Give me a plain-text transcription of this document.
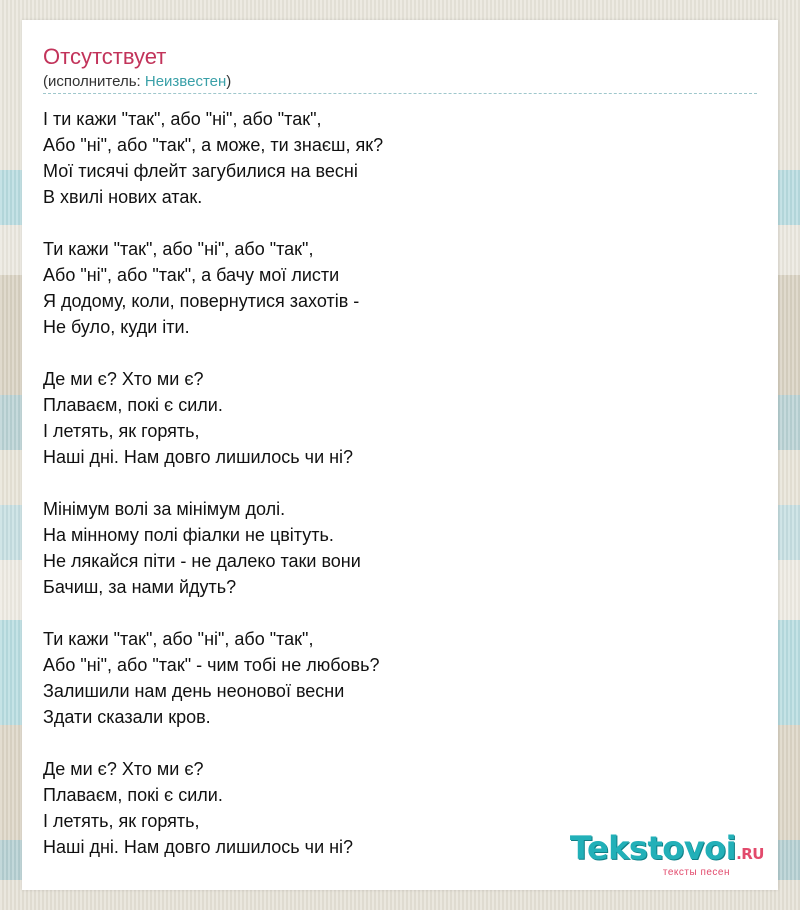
Отсутствует
(исполнитель: Неизвестен)
І ти кажи "так", або "ні", або "так",
Або "ні", або "так", а може, ти знаєш, як?
Мої тисячі флейт загубилися на весні
В хвилі нових атак.
Ти кажи "так", або "ні", або "так",
Або "ні", або "так", а бачу мої листи
Я додому, коли, повернутися захотів -
Не було, куди іти.
Де ми є? Хто ми є?
Плаваєм, покі є сили.
І летять, як горять,
Наші дні. Нам довго лишилось чи ні?
Мінімум волі за мінімум долі.
На мінному полі фіалки не цвітуть.
Не лякайся піти - не далеко таки вони
Бачиш, за нами йдуть?
Ти кажи "так", або "ні", або "так",
Або "ні", або "так" - чим тобі не любовь?
Залишили нам день неонової весни
Здати сказали кров.
Де ми є? Хто ми є?
Плаваєм, покі є сили.
І летять, як горять,
Наші дні. Нам довго лишилось чи ні?	Tekstovoi.RU
тексты песен
